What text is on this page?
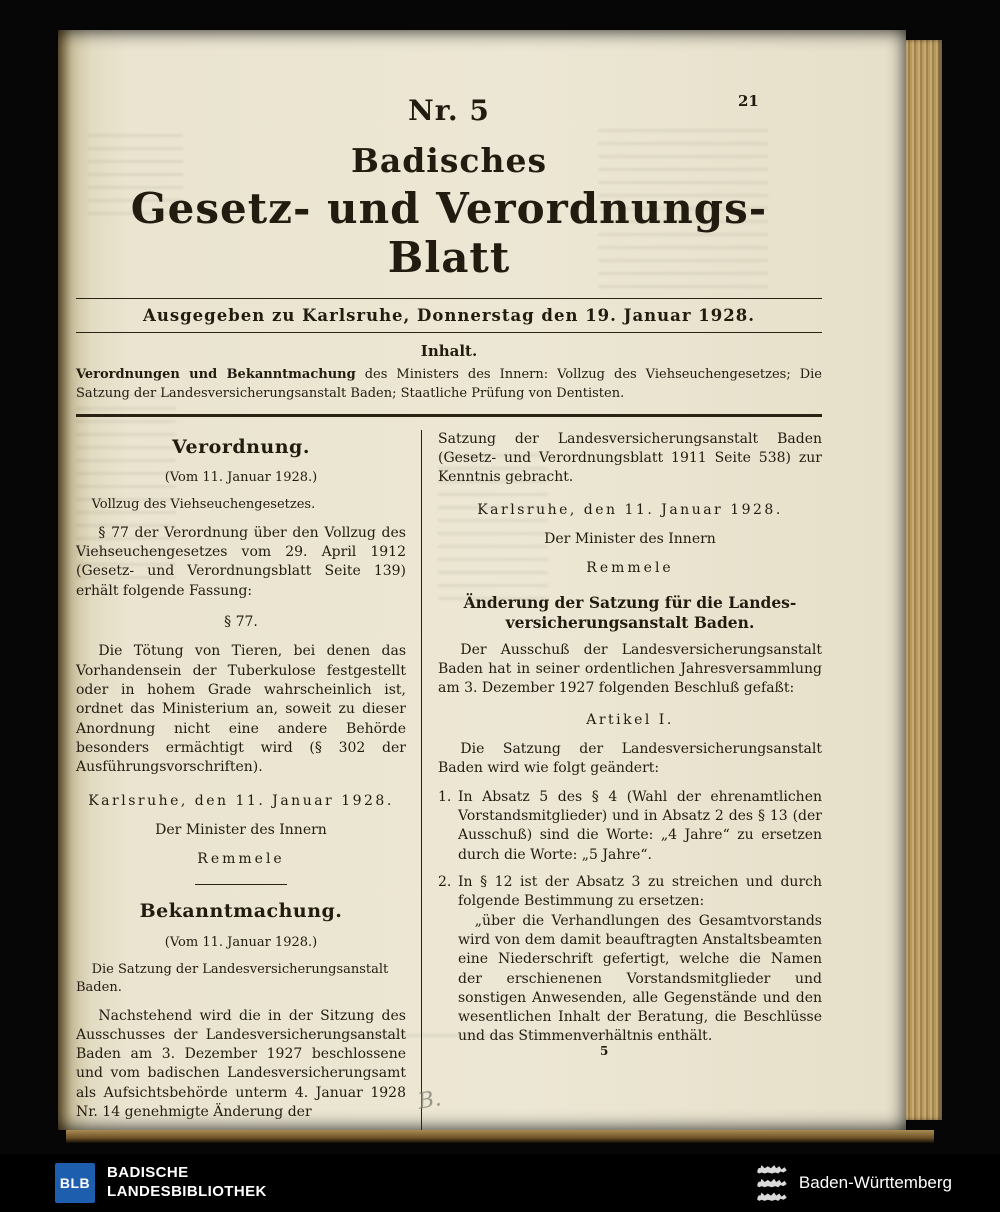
21
Nr. 5
Badisches
Gesetz- und Verordnungs-Blatt
Ausgegeben zu Karlsruhe, Donnerstag den 19. Januar 1928.
Inhalt.
Verordnungen und Bekanntmachung des Ministers des Innern: Vollzug des Viehseuchengesetzes; Die Satzung der Landesversicherungsanstalt Baden; Staatliche Prüfung von Dentisten.
Verordnung.
(Vom 11. Januar 1928.)
Vollzug des Viehseuchengesetzes.
§ 77 der Verordnung über den Vollzug des Viehseuchengesetzes vom 29. April 1912 (Gesetz- und Verordnungsblatt Seite 139) erhält folgende Fassung:
§ 77.
Die Tötung von Tieren, bei denen das Vorhandensein der Tuberkulose festgestellt oder in hohem Grade wahrscheinlich ist, ordnet das Ministerium an, soweit zu dieser Anordnung nicht eine andere Behörde besonders ermächtigt wird (§ 302 der Ausführungsvorschriften).
Karlsruhe, den 11. Januar 1928.
Der Minister des Innern
Remmele
Bekanntmachung.
(Vom 11. Januar 1928.)
Die Satzung der Landesversicherungsanstalt Baden.
Nachstehend wird die in der Sitzung des Ausschusses der Landesversicherungsanstalt Baden am 3. Dezember 1927 beschlossene und vom badischen Landesversicherungsamt als Aufsichtsbehörde unterm 4. Januar 1928 Nr. 14 genehmigte Änderung der
Satzung der Landesversicherungsanstalt Baden (Gesetz- und Verordnungsblatt 1911 Seite 538) zur Kenntnis gebracht.
Karlsruhe, den 11. Januar 1928.
Der Minister des Innern
Remmele
Änderung der Satzung für die Landes-
versicherungsanstalt Baden.
Der Ausschuß der Landesversicherungsanstalt Baden hat in seiner ordentlichen Jahresversammlung am 3. Dezember 1927 folgenden Beschluß gefaßt:
Artikel I.
Die Satzung der Landesversicherungsanstalt Baden wird wie folgt geändert:
1. In Absatz 5 des § 4 (Wahl der ehrenamtlichen Vorstandsmitglieder) und in Absatz 2 des § 13 (der Ausschuß) sind die Worte: „4 Jahre“ zu ersetzen durch die Worte: „5 Jahre“.
2. In § 12 ist der Absatz 3 zu streichen und durch folgende Bestimmung zu ersetzen:
„über die Verhandlungen des Gesamtvorstands wird von dem damit beauftragten Anstaltsbeamten eine Niederschrift gefertigt, welche die Namen der erschienenen Vorstandsmitglieder und sonstigen Anwesenden, alle Gegenstände und den wesentlichen Inhalt der Beratung, die Beschlüsse und das Stimmenverhältnis enthält.
5
B.
BLB
BADISCHE
LANDESBIBLIOTHEK	Baden-Württemberg
